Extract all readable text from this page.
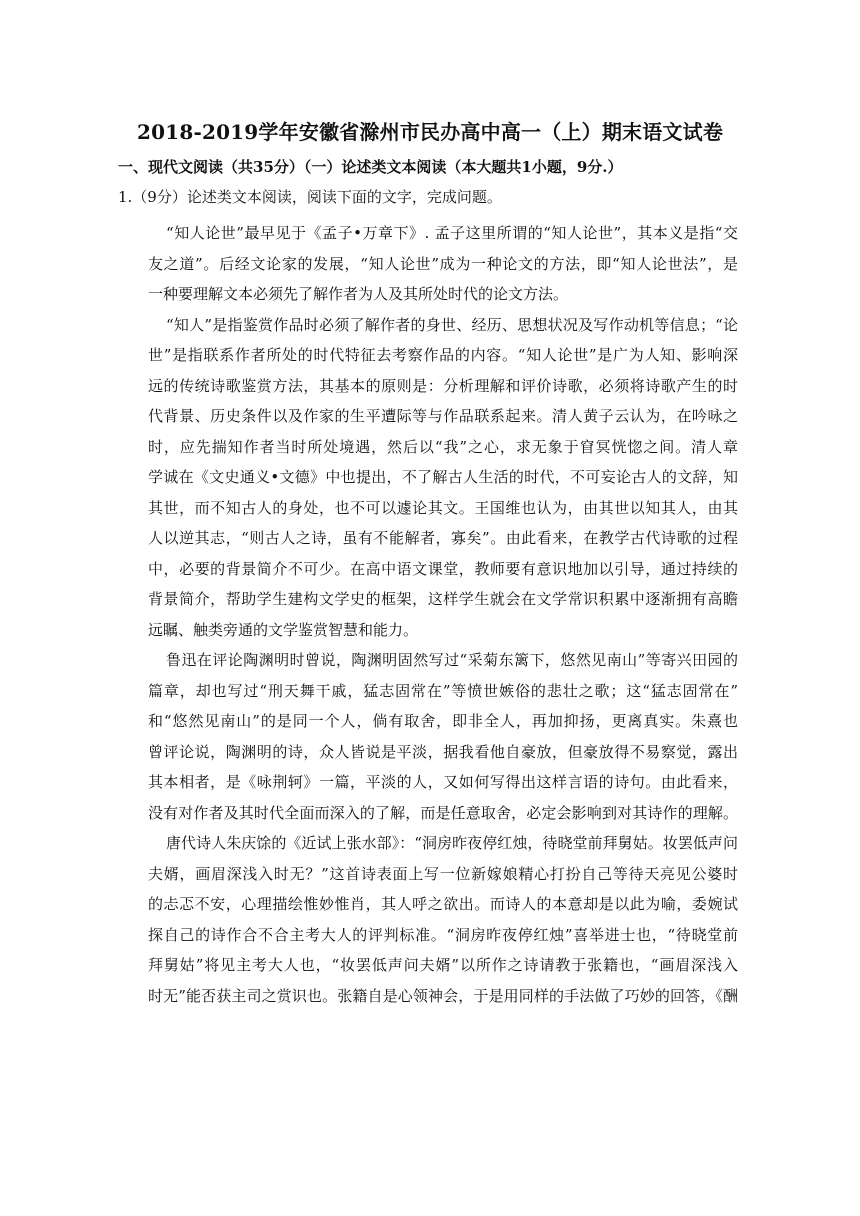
2018-2019学年安徽省滁州市民办高中高一（上）期末语文试卷
一、现代文阅读（共35分）（一）论述类文本阅读（本大题共1小题，9分.）
1.（9分）论述类文本阅读，阅读下面的文字，完成问题。
“知人论世”最早见于《孟子•万章下》. 孟子这里所谓的“知人论世”，其本义是指“交
友之道”。后经文论家的发展，“知人论世”成为一种论文的方法，即“知人论世法”，是
一种要理解文本必须先了解作者为人及其所处时代的论文方法。
“知人”是指鉴赏作品时必须了解作者的身世、经历、思想状况及写作动机等信息；“论
世”是指联系作者所处的时代特征去考察作品的内容。“知人论世”是广为人知、影响深
远的传统诗歌鉴赏方法，其基本的原则是：分析理解和评价诗歌，必须将诗歌产生的时
代背景、历史条件以及作家的生平遭际等与作品联系起来。清人黄子云认为，在吟咏之
时，应先揣知作者当时所处境遇，然后以“我”之心，求无象于窅冥恍惚之间。清人章
学诚在《文史通义•文德》中也提出，不了解古人生活的时代，不可妄论古人的文辞，知
其世，而不知古人的身处，也不可以遽论其文。王国维也认为，由其世以知其人，由其
人以逆其志，“则古人之诗，虽有不能解者，寡矣”。由此看来，在教学古代诗歌的过程
中，必要的背景简介不可少。在高中语文课堂，教师要有意识地加以引导，通过持续的
背景简介，帮助学生建构文学史的框架，这样学生就会在文学常识积累中逐渐拥有高瞻
远瞩、触类旁通的文学鉴赏智慧和能力。
鲁迅在评论陶渊明时曾说，陶渊明固然写过“采菊东篱下，悠然见南山”等寄兴田园的
篇章，却也写过“刑天舞干戚，猛志固常在”等愤世嫉俗的悲壮之歌；这“猛志固常在”
和“悠然见南山”的是同一个人，倘有取舍，即非全人，再加抑扬，更离真实。朱熹也
曾评论说，陶渊明的诗，众人皆说是平淡，据我看他自豪放，但豪放得不易察觉，露出
其本相者，是《咏荆轲》一篇，平淡的人，又如何写得出这样言语的诗句。由此看来，
没有对作者及其时代全面而深入的了解，而是任意取舍，必定会影响到对其诗作的理解。
唐代诗人朱庆馀的《近试上张水部》：“洞房昨夜停红烛，待晓堂前拜舅姑。妆罢低声问
夫婿，画眉深浅入时无？”这首诗表面上写一位新嫁娘精心打扮自己等待天亮见公婆时
的忐忑不安，心理描绘惟妙惟肖，其人呼之欲出。而诗人的本意却是以此为喻，委婉试
探自己的诗作合不合主考大人的评判标准。“洞房昨夜停红烛”喜举进士也，“待晓堂前
拜舅姑”将见主考大人也，“妆罢低声问夫婿”以所作之诗请教于张籍也，“画眉深浅入
时无”能否获主司之赏识也。张籍自是心领神会，于是用同样的手法做了巧妙的回答，《酬
